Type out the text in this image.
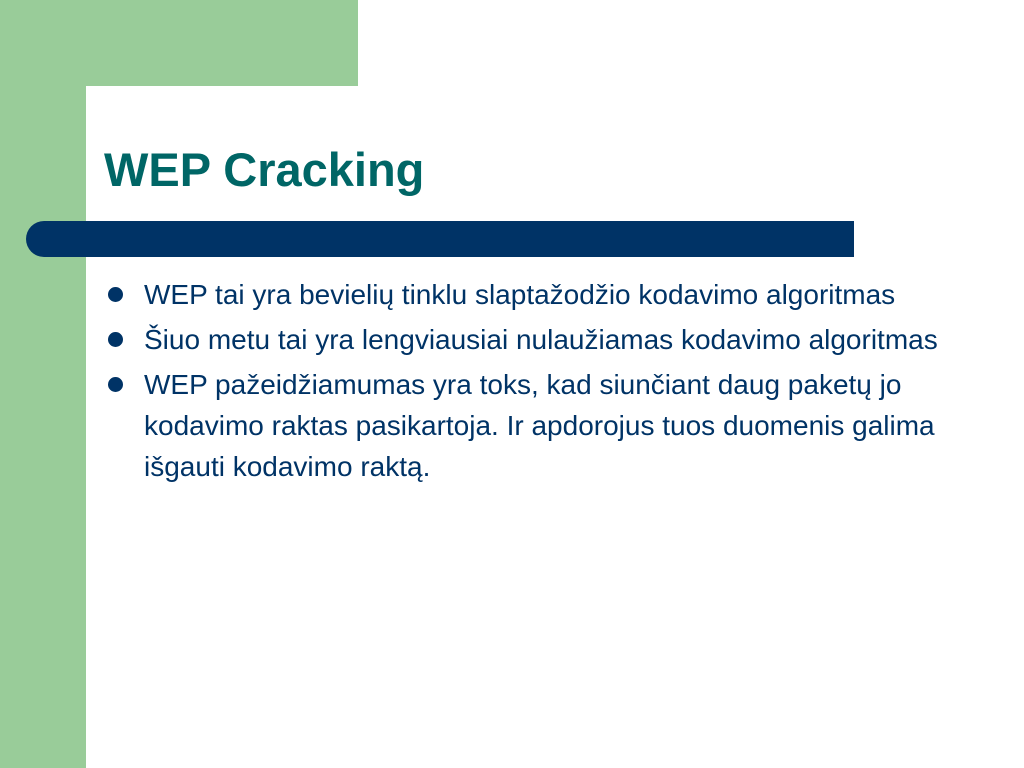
WEP Cracking
WEP tai yra bevielių tinklu slaptažodžio kodavimo algoritmas
Šiuo metu tai yra lengviausiai nulaužiamas kodavimo algoritmas
WEP pažeidžiamumas yra toks, kad siunčiant daug paketų jo kodavimo raktas pasikartoja. Ir apdorojus tuos duomenis galima išgauti kodavimo raktą.
